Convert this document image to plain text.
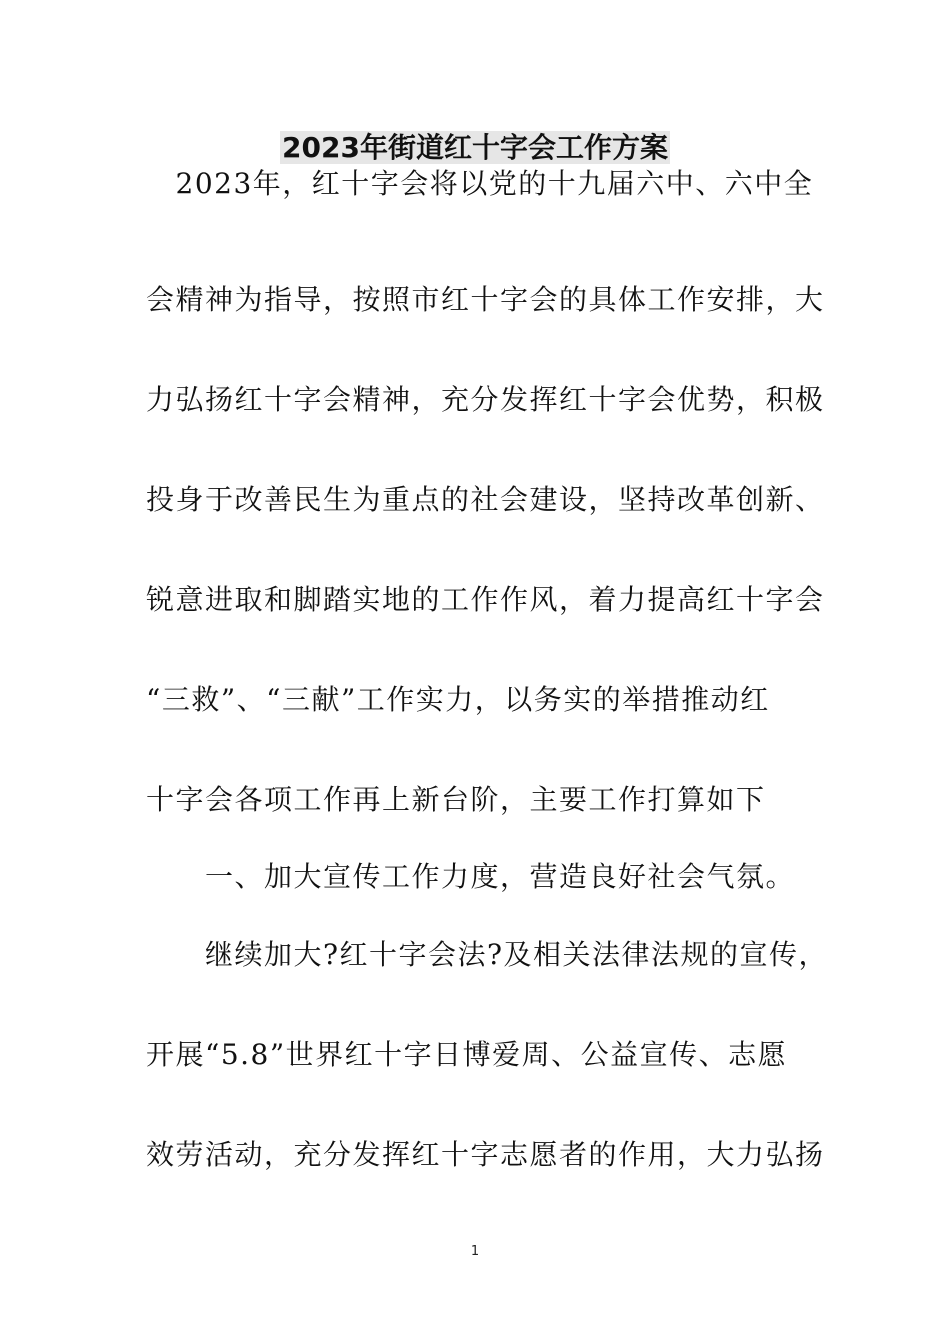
2023年街道红十字会工作方案
　2023年，红十字会将以党的十九届六中、六中全
会精神为指导，按照市红十字会的具体工作安排，大
力弘扬红十字会精神，充分发挥红十字会优势，积极
投身于改善民生为重点的社会建设，坚持改革创新、
锐意进取和脚踏实地的工作作风，着力提高红十字会
“三救”、“三献”工作实力，以务实的举措推动红
十字会各项工作再上新台阶，主要工作打算如下
　　一、加大宣传工作力度，营造良好社会气氛。
　　继续加大?红十字会法?及相关法律法规的宣传，
开展“5.8”世界红十字日博爱周、公益宣传、志愿
效劳活动，充分发挥红十字志愿者的作用，大力弘扬
1
